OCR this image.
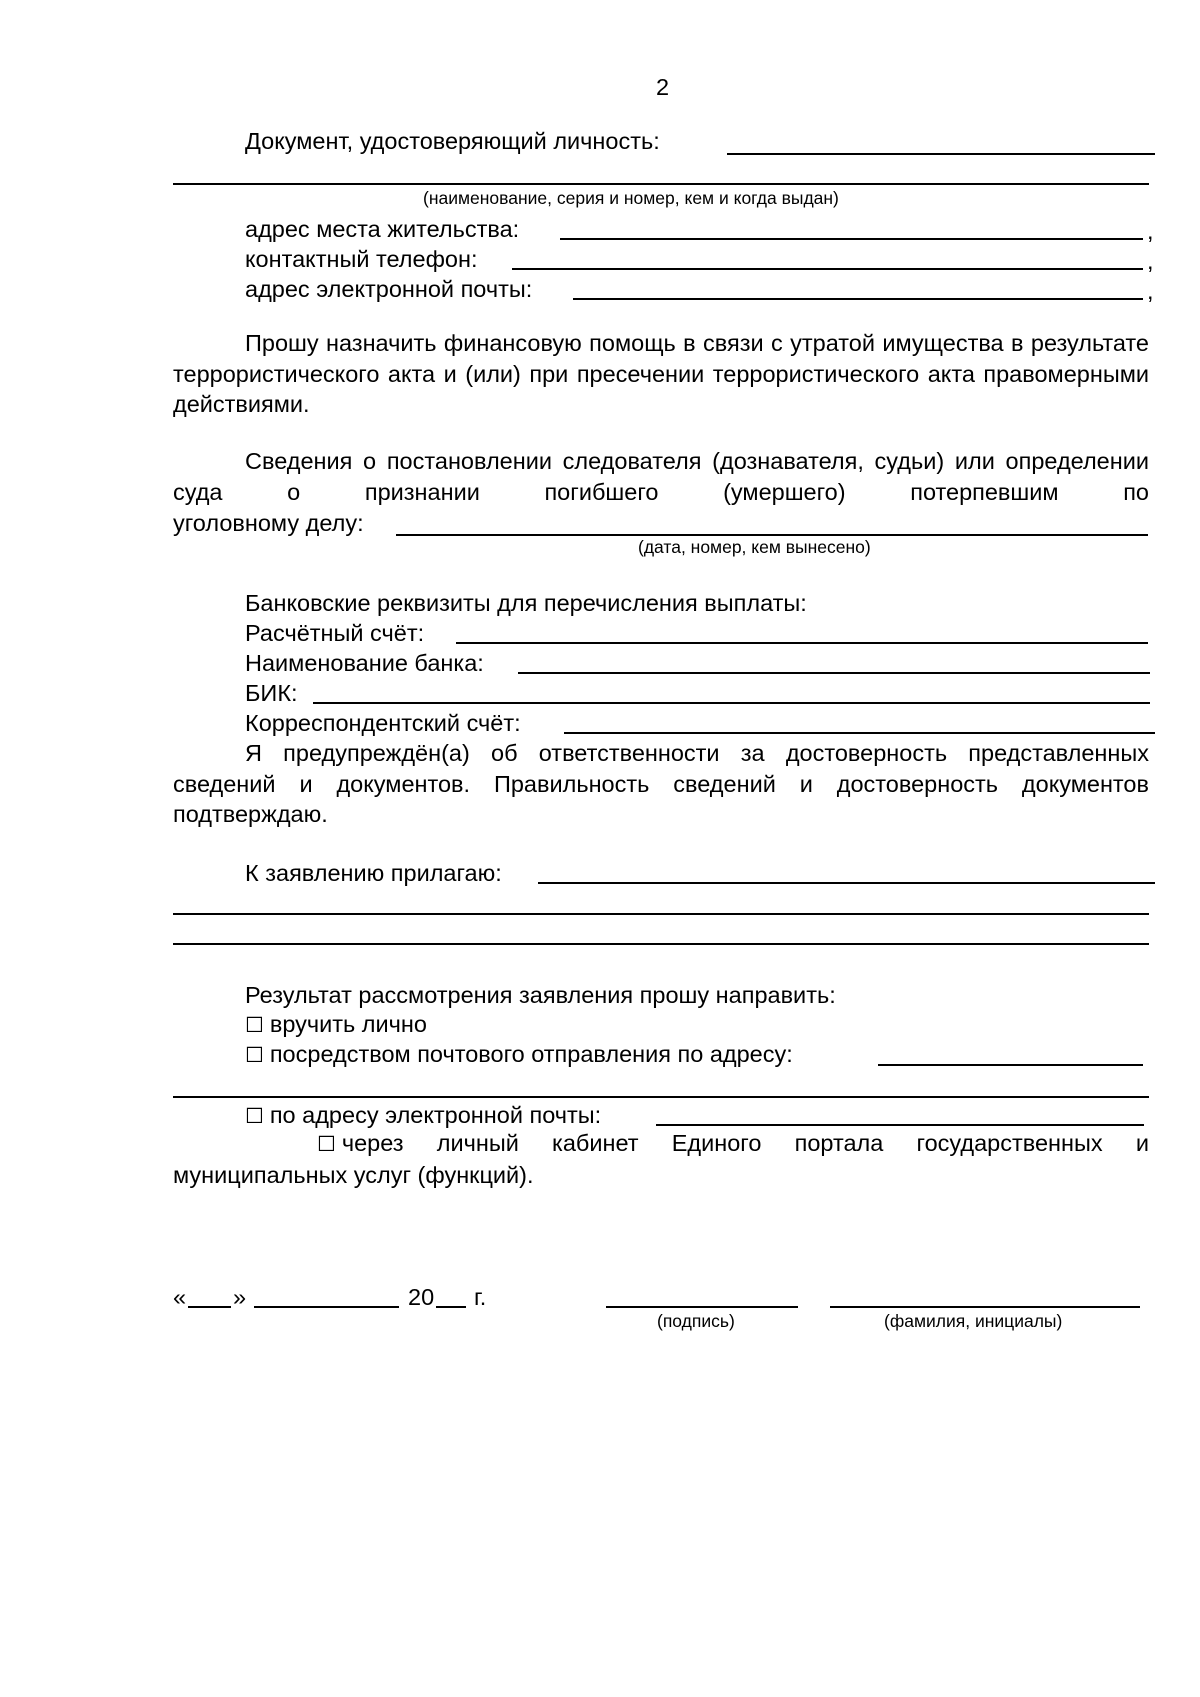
2
Документ, удостоверяющий личность:
(наименование, серия и номер, кем и когда выдан)
адрес места жительства:	,
контактный телефон:	,
адрес электронной почты:	,
Прошу назначить финансовую помощь в связи с утратой имущества в результате террористического акта и (или) при пресечении террористического акта правомерными действиями.
Сведения о постановлении следователя (дознавателя, судьи) или определении суда о признании погибшего (умершего) потерпевшим по
уголовному делу:
(дата, номер, кем вынесено)
Банковские реквизиты для перечисления выплаты:
Расчётный счёт:
Наименование банка:
БИК:
Корреспондентский счёт:
Я предупреждён(а) об ответственности за достоверность представленных сведений и документов. Правильность сведений и достоверность документов подтверждаю.
К заявлению прилагаю:
Результат рассмотрения заявления прошу направить:
☐ вручить лично
☐ посредством почтового отправления по адресу:
☐ по адресу электронной почты:
☐ через личный кабинет Единого портала государственных и муниципальных услуг (функций).
« »	20 г.
(подпись)	(фамилия, инициалы)
